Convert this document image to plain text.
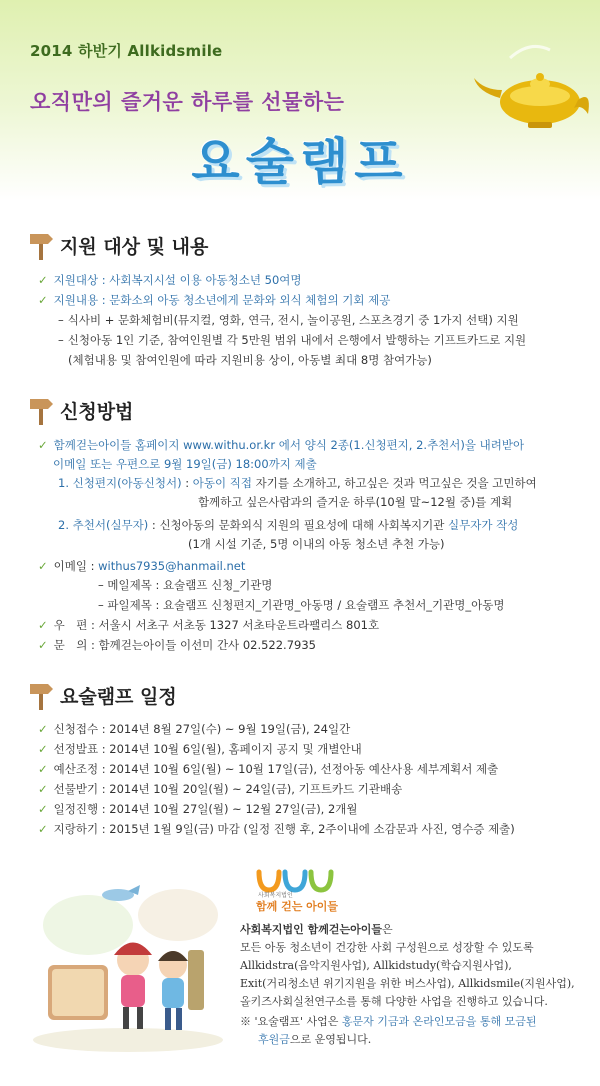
2014 하반기 Allkidsmile
오직만의 즐거운 하루를 선물하는
요술램프
지원 대상 및 내용
✓ 지원대상 : 사회복지시설 이용 아동청소년 50여명
✓ 지원내용 : 문화소외 아동 청소년에게 문화와 외식 체험의 기회 제공
– 식사비 + 문화체험비(뮤지컬, 영화, 연극, 전시, 놀이공원, 스포츠경기 중 1가지 선택) 지원
– 신청아동 1인 기준, 참여인원별 각 5만원 범위 내에서 은행에서 발행하는 기프트카드로 지원
(체험내용 및 참여인원에 따라 지원비용 상이, 아동별 최대 8명 참여가능)
신청방법
✓ 함께걷는아이들 홈페이지 www.withu.or.kr 에서 양식 2종(1.신청편지, 2.추천서)을 내려받아
이메일 또는 우편으로 9월 19일(금) 18:00까지 제출
1. 신청편지(아동신청서) : 아동이 직접 자기를 소개하고, 하고싶은 것과 먹고싶은 것을 고민하여
함께하고 싶은사람과의 즐거운 하루(10월 말~12월 중)를 계획
2. 추천서(실무자) : 신청아동의 문화외식 지원의 필요성에 대해 사회복지기관 실무자가 작성
(1개 시설 기준, 5명 이내의 아동 청소년 추천 가능)
✓ 이메일 : withus7935@hanmail.net
– 메일제목 : 요술램프 신청_기관명
– 파일제목 : 요술램프 신청편지_기관명_아동명 / 요술램프 추천서_기관명_아동명
✓ 우　편 : 서울시 서초구 서초동 1327 서초타운트라팰리스 801호
✓ 문　의 : 함께걷는아이들 이선미 간사 02.522.7935
요술램프 일정
✓ 신청접수 : 2014년 8월 27일(수) ~ 9월 19일(금), 24일간
✓ 선정발표 : 2014년 10월 6일(월), 홈페이지 공지 및 개별안내
✓ 예산조정 : 2014년 10월 6일(월) ~ 10월 17일(금), 선정아동 예산사용 세부계획서 제출
✓ 선물받기 : 2014년 10월 20일(월) ~ 24일(금), 기프트카드 기관배송
✓ 일정진행 : 2014년 10월 27일(월) ~ 12월 27일(금), 2개월
✓ 지랑하기 : 2015년 1월 9일(금) 마감 (일정 진행 후, 2주이내에 소감문과 사진, 영수증 제출)
사회복지법인
함께 걷는 아이들
사회복지법인 함께걷는아이들은
모든 아동 청소년이 건강한 사회 구성원으로 성장할 수 있도록
Allkidstra(음악지원사업), Allkidstudy(학습지원사업),
Exit(거리청소년 위기지원을 위한 버스사업), Allkidsmile(지원사업),
올키즈사회실천연구소를 통해 다양한 사업을 진행하고 있습니다.
※ '요술램프' 사업은 홍문자 기금과 온라인모금을 통해 모금된
후원금으로 운영됩니다.
